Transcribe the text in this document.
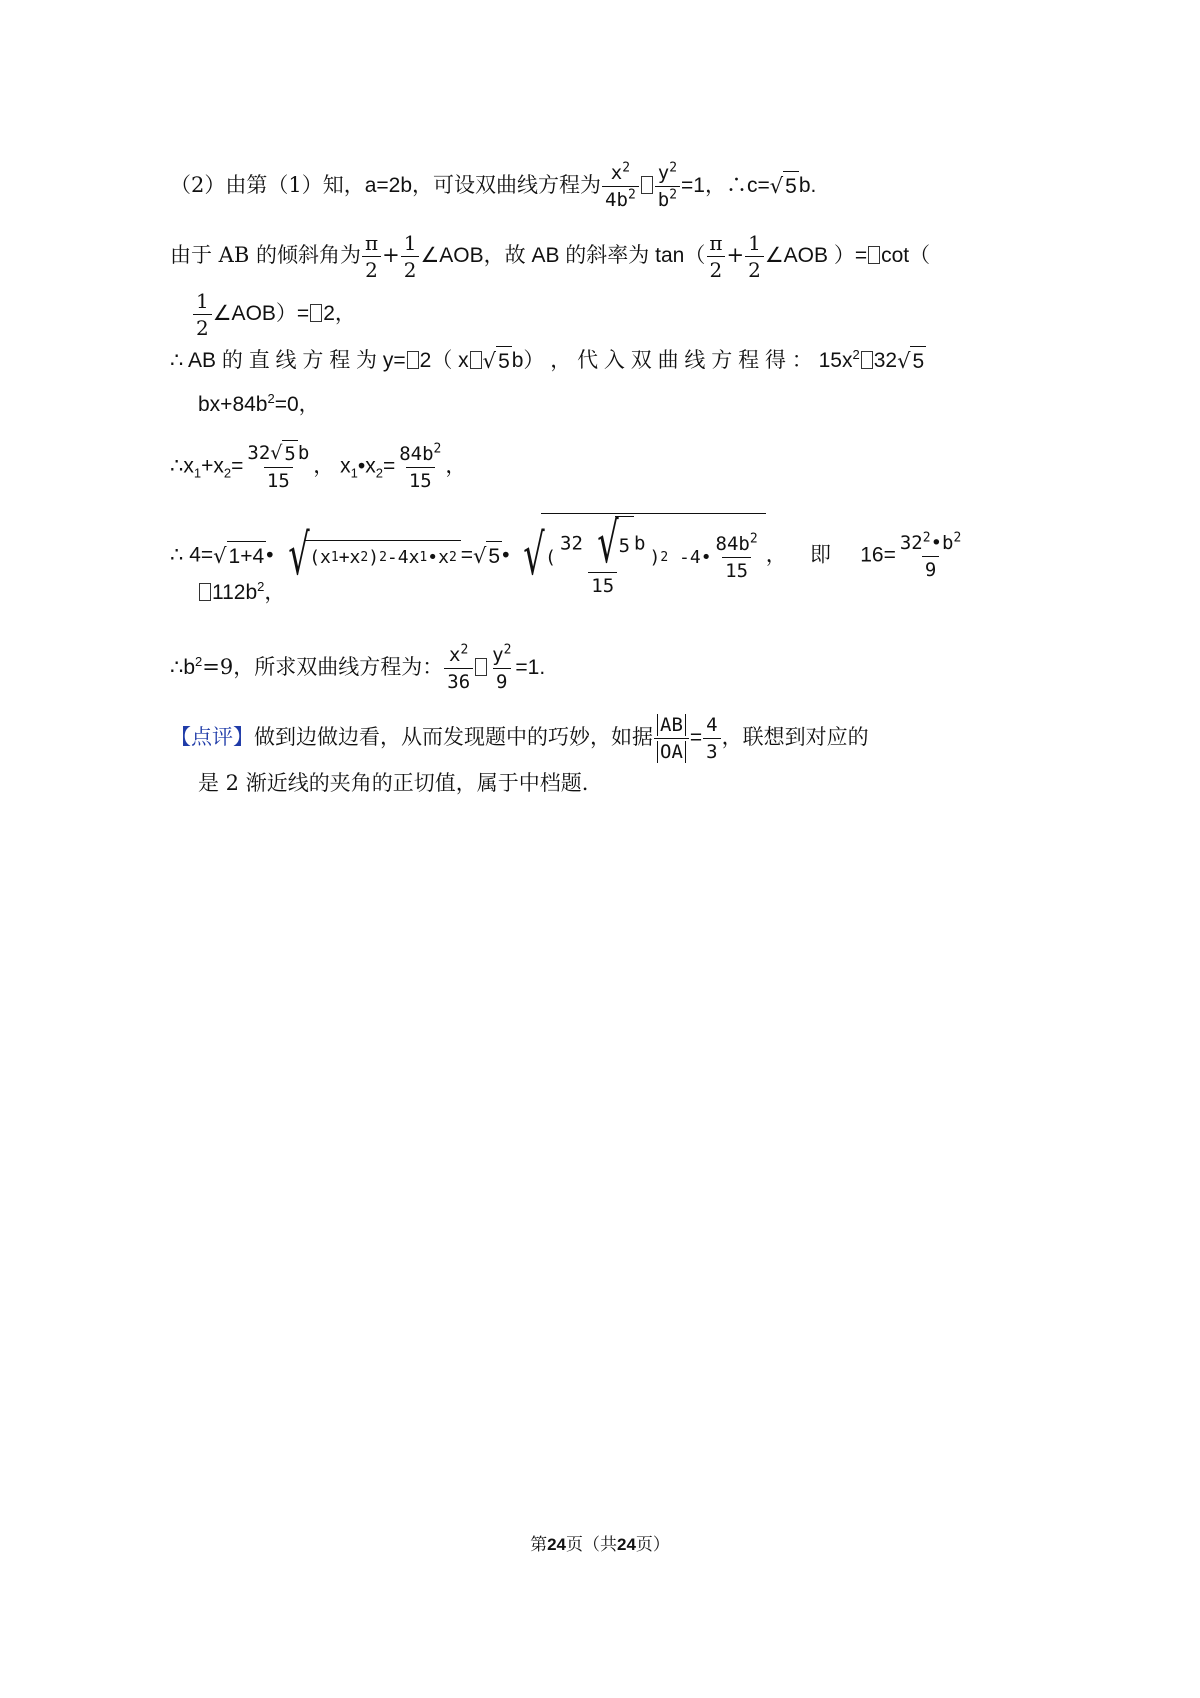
（2）由第（1）知，a=2b，可设双曲线方程为 $\frac{x^2}{4b^2} \frac{y^2}{b^2} =1$，∴c= √ 5 b.
由于 AB 的倾斜角为 $\frac{\pi}{2} + \frac{1}{2}$ ∠AOB，故 AB 的斜率为 $\tan( \frac{\pi}{2} + \frac{1}{2}$ ∠AOB ）= cot（
$\frac{1}{2}$ ∠AOB）= 2，
∴ AB 的 直 线 方 程 为 y= 2（ x √ 5 b） ， 代 入 双 曲 线 方 程 得 ： $15x^2$ 32 √ 5
$bx+84b^2=0$，
$\therefore x_1+x_2= \frac{32 √ 5 b}{15}$ ， $x_1•x_2= \frac{84b^2}{15}$ ，
∴ 4= √ 1+4 • √ (x 1 +x 2 ) 2 -4x 1 •x 2 = √ 5 • √ ( $\frac{32 √ 5 b}{15}$ ) 2
-4 • $\frac{84b^2}{15}$ ， 即 $16= \frac{32^2•b^2}{9}$
$112b^2$，
$\therefore b^2=9$，所求双曲线方程为： $\frac{x^2}{36} \frac{y^2}{9} =1$.
【点评】做到边做边看，从而发现题中的巧妙，如据 $\frac{AB}{OA} = \frac{4}{3}$ ，联想到对应的
是 2 渐近线的夹角的正切值，属于中档题.
第24页（共24页）
